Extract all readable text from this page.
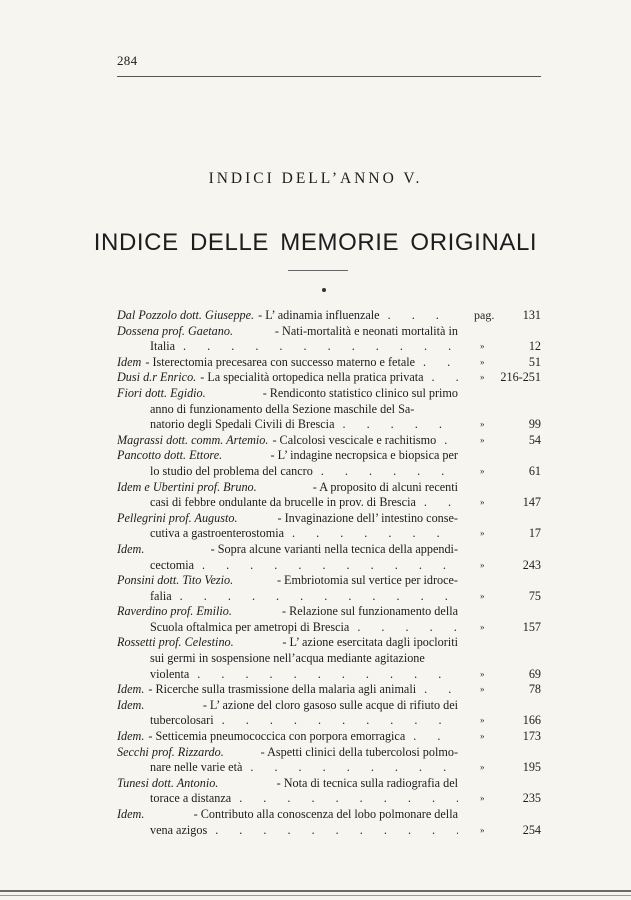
284
INDICI DELL’ANNO V.
INDICE DELLE MEMORIE ORIGINALI
Dal Pozzolo dott. Giuseppe. - L’ adinamia influenzale . . .	pag. 131
Dossena prof. Gaetano.	- Nati-mortalità e neonati mortalità in
Italia . . .	»	12
Idem - Isterectomia precesarea con successo materno e fetale . . .	»	51
Dusi d.r Enrico. - La specialità ortopedica nella pratica privata . . .	» 216-251
Fiori dott. Egidio.	- Rendiconto statistico clinico sul primo
anno di funzionamento della Sezione maschile del Sa-
natorio degli Spedali Civili di Brescia . . .	»	99
Magrassi dott. comm. Artemio. - Calcolosi vescicale e rachitismo . . .	»	54
Pancotto dott. Ettore.	- L’ indagine necropsica e biopsica per
lo studio del problema del cancro . . .	»	61
Idem e Ubertini prof. Bruno.	- A proposito di alcuni recenti
casi di febbre ondulante da brucelle in prov. di Brescia . . .	»	147
Pellegrini prof. Augusto.	- Invaginazione dell’ intestino conse-
cutiva a gastroenterostomia . . .	»	17
Idem.	- Sopra alcune varianti nella tecnica della appendi-
cectomia . . .	»	243
Ponsini dott. Tito Vezio.	- Embriotomia sul vertice per idroce-
falia . . .	»	75
Raverdino prof. Emilio.	- Relazione sul funzionamento della
Scuola oftalmica per ametropi di Brescia . . .	»	157
Rossetti prof. Celestino.	- L’ azione esercitata dagli ipocloriti
sui germi in sospensione nell’acqua mediante agitazione
violenta . . .	»	69
Idem. - Ricerche sulla trasmissione della malaria agli animali . . .	»	78
Idem.	- L’ azione del cloro gasoso sulle acque di rifiuto dei
tubercolosari . . .	»	166
Idem. - Setticemia pneumococcica con porpora emorragica . . .	»	173
Secchi prof. Rizzardo.	- Aspetti clinici della tubercolosi polmo-
nare nelle varie età . . .	»	195
Tunesi dott. Antonio.	- Nota di tecnica sulla radiografia del
torace a distanza . . .	»	235
Idem.	- Contributo alla conoscenza del lobo polmonare della
vena azigos . . .	»	254
